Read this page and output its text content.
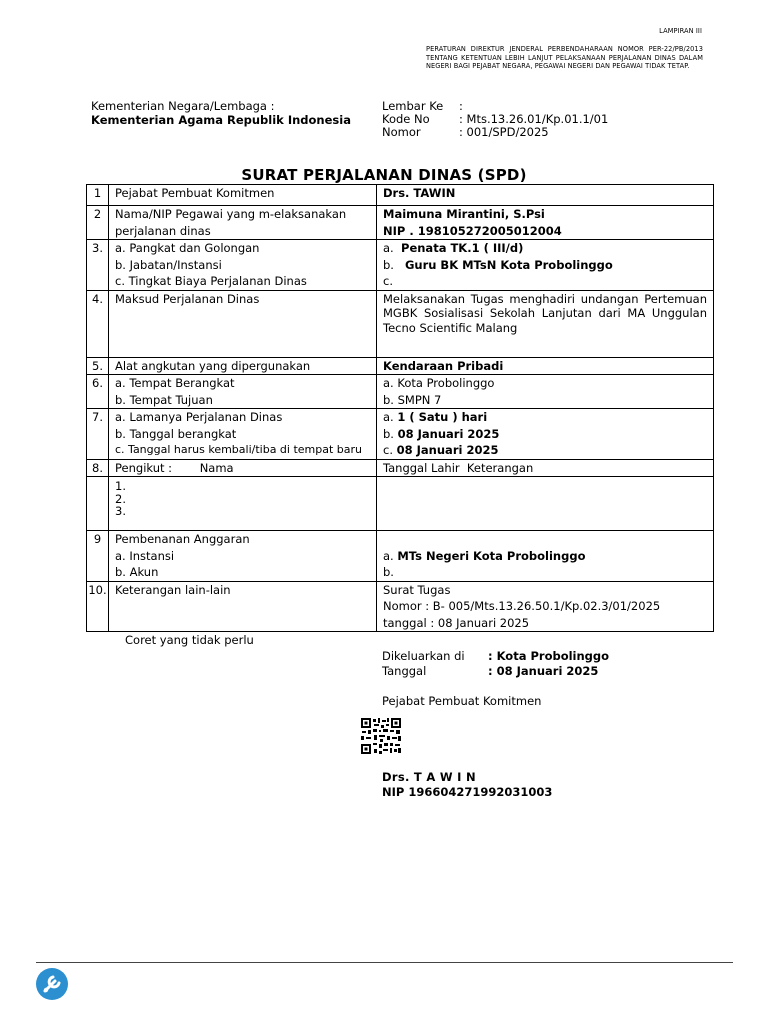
LAMPIRAN III
PERATURAN DIREKTUR JENDERAL PERBENDAHARAAN NOMOR PER-22/PB/2013 TENTANG KETENTUAN LEBIH LANJUT PELAKSANAAN PERJALANAN DINAS DALAM NEGERI BAGI PEJABAT NEGARA, PEGAWAI NEGERI DAN PEGAWAI TIDAK TETAP.
Kementerian Negara/Lembaga :
Kementerian Agama Republik Indonesia
Lembar Ke :
Kode No	: Mts.13.26.01/Kp.01.1/01
Nomor	: 001/SPD/2025
SURAT PERJALANAN DINAS (SPD)
1	Pejabat Pembuat Komitmen	Drs. TAWIN
2	Nama/NIP Pegawai yang m-elaksanakan
perjalanan dinas	Maimuna Mirantini, S.Psi
NIP . 198105272005012004

3.	a. Pangkat dan Golongan
b. Jabatan/Instansi
c. Tingkat Biaya Perjalanan Dinas	a. Penata TK.1 ( III/d)
b. Guru BK MTsN Kota Probolinggo
c.

4.	Maksud Perjalanan Dinas	Melaksanakan Tugas menghadiri undangan Pertemuan MGBK Sosialisasi Sekolah Lanjutan dari MA Unggulan Tecno Scientific Malang

5.	Alat angkutan yang dipergunakan	Kendaraan Pribadi
6.	a. Tempat Berangkat
b. Tempat Tujuan	a. Kota Probolinggo
b. SMPN 7

7.	a. Lamanya Perjalanan Dinas
b. Tanggal berangkat
c. Tanggal harus kembali/tiba di tempat baru	a. 1 ( Satu ) hari
b. 08 Januari 2025
c. 08 Januari 2025

8.	Pengikut : Nama	Tanggal Lahir  Keterangan

	1.
2.
3.	

9	Pembenanan Anggaran
a. Instansi
b. Akun	a. MTs Negeri Kota Probolinggo
b.

10.	Keterangan lain-lain	Surat Tugas
Nomor : B- 005/Mts.13.26.50.1/Kp.02.3/01/2025
tanggal : 08 Januari 2025
Coret yang tidak perlu
Dikeluarkan di : Kota Probolinggo
Tanggal	: 08 Januari 2025
Pejabat Pembuat Komitmen
Drs. T A W I N
NIP 196604271992031003
